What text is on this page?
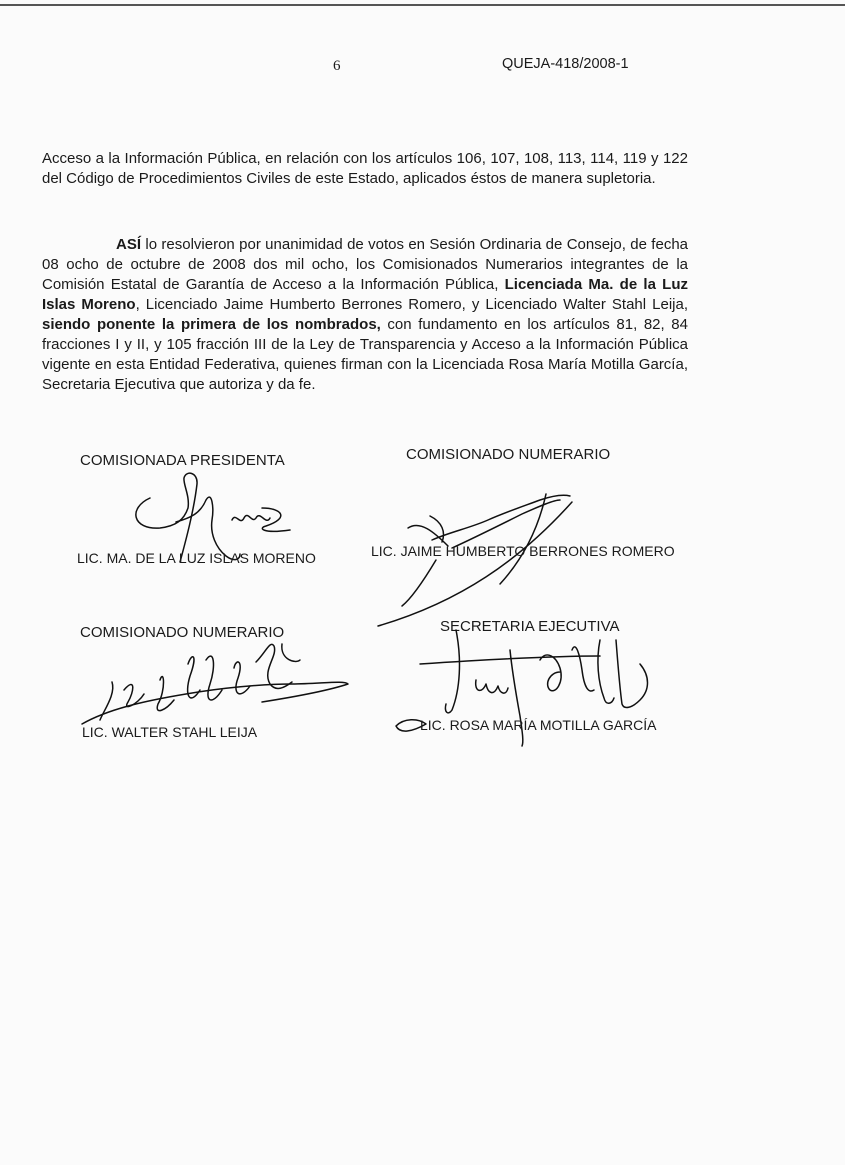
6	QUEJA-418/2008-1

Acceso a la Información Pública, en relación con los artículos 106, 107, 108, 113, 114, 119 y 122 del Código de Procedimientos Civiles de este Estado, aplicados éstos de manera supletoria.

ASÍ lo resolvieron por unanimidad de votos en Sesión Ordinaria de Consejo, de fecha 08 ocho de octubre de 2008 dos mil ocho, los Comisionados Numerarios integrantes de la Comisión Estatal de Garantía de Acceso a la Información Pública, Licenciada Ma. de la Luz Islas Moreno, Licenciado Jaime Humberto Berrones Romero, y Licenciado Walter Stahl Leija, siendo ponente la primera de los nombrados, con fundamento en los artículos 81, 82, 84 fracciones I y II, y 105 fracción III de la Ley de Transparencia y Acceso a la Información Pública vigente en esta Entidad Federativa, quienes firman con la Licenciada Rosa María Motilla García, Secretaria Ejecutiva que autoriza y da fe.

COMISIONADA PRESIDENTA	COMISIONADO NUMERARIO
COMISIONADO NUMERARIO	SECRETARIA EJECUTIVA
LIC. MA. DE LA LUZ ISLAS MORENO	LIC. JAIME HUMBERTO BERRONES ROMERO
LIC. WALTER STAHL LEIJA	LIC. ROSA MARÍA MOTILLA GARCÍA
